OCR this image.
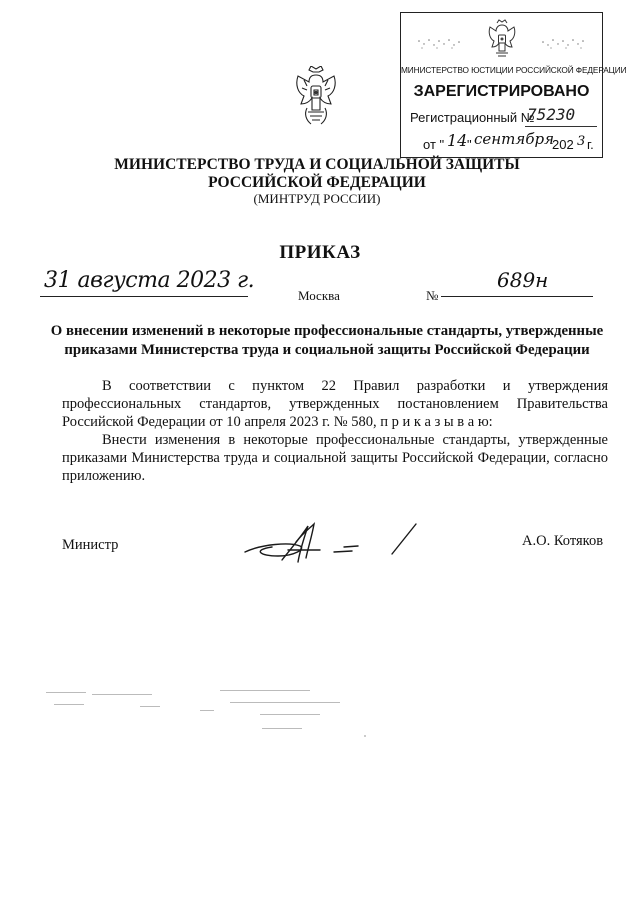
МИНИСТЕРСТВО ЮСТИЦИИ РОССИЙСКОЙ ФЕДЕРАЦИИ
ЗАРЕГИСТРИРОВАНО
Регистрационный №
75230
от " 14 " сентября
202 3 г.
МИНИСТЕРСТВО ТРУДА И СОЦИАЛЬНОЙ ЗАЩИТЫ
РОССИЙСКОЙ ФЕДЕРАЦИИ
(МИНТРУД РОССИИ)
ПРИКАЗ
31 августа 2023 г.
Москва	№
689н
О внесении изменений в некоторые профессиональные стандарты, утвержденные приказами Министерства труда и социальной защиты Российской Федерации

В соответствии с пунктом 22 Правил разработки и утверждения профессиональных стандартов, утвержденных постановлением Правительства Российской Федерации от 10 апреля 2023 г. № 580, п р и к а з ы в а ю:

Внести изменения в некоторые профессиональные стандарты, утвержденные приказами Министерства труда и социальной защиты Российской Федерации, согласно приложению.

Министр	А.О. Котяков
